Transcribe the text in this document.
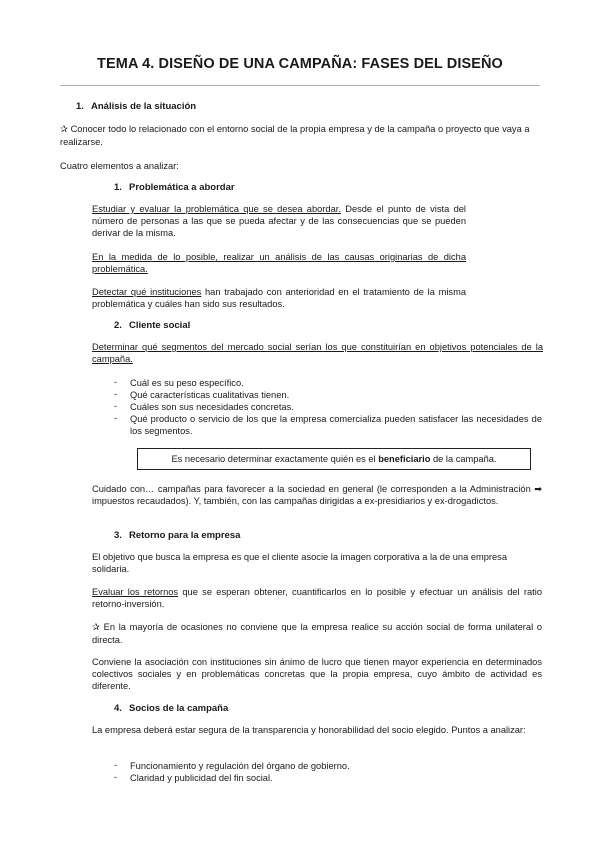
TEMA 4. DISEÑO DE UNA CAMPAÑA: FASES DEL DISEÑO
1. Análisis de la situación
✰ Conocer todo lo relacionado con el entorno social de la propia empresa y de la campaña o proyecto que vaya a realizarse.
Cuatro elementos a analizar:
1. Problemática a abordar
Estudiar y evaluar la problemática que se desea abordar. Desde el punto de vista del número de personas a las que se pueda afectar y de las consecuencias que se pueden derivar de la misma.
En la medida de lo posible, realizar un análisis de las causas originarias de dicha problemática.
Detectar qué instituciones han trabajado con anterioridad en el tratamiento de la misma problemática y cuáles han sido sus resultados.
2. Cliente social
Determinar qué segmentos del mercado social serían los que constituirían en objetivos potenciales de la campaña.
- Cuál es su peso específico.
- Qué características cualitativas tienen.
- Cuáles son sus necesidades concretas.
- Qué producto o servicio de los que la empresa comercializa pueden satisfacer las necesidades de los segmentos.
Es necesario determinar exactamente quién es el beneficiario de la campaña.
Cuidado con… campañas para favorecer a la sociedad en general (le corresponden a la Administración ➡ impuestos recaudados). Y, también, con las campañas dirigidas a ex-presidiarios y ex-drogadictos.
3. Retorno para la empresa
El objetivo que busca la empresa es que el cliente asocie la imagen corporativa a la de una empresa solidaria.
Evaluar los retornos que se esperan obtener, cuantificarlos en lo posible y efectuar un análisis del ratio retorno-inversión.
✰ En la mayoría de ocasiones no conviene que la empresa realice su acción social de forma unilateral o directa.
Conviene la asociación con instituciones sin ánimo de lucro que tienen mayor experiencia en determinados colectivos sociales y en problemáticas concretas que la propia empresa, cuyo ámbito de actividad es diferente.
4. Socios de la campaña
La empresa deberá estar segura de la transparencia y honorabilidad del socio elegido. Puntos a analizar:
- Funcionamiento y regulación del órgano de gobierno.
- Claridad y publicidad del fin social.
